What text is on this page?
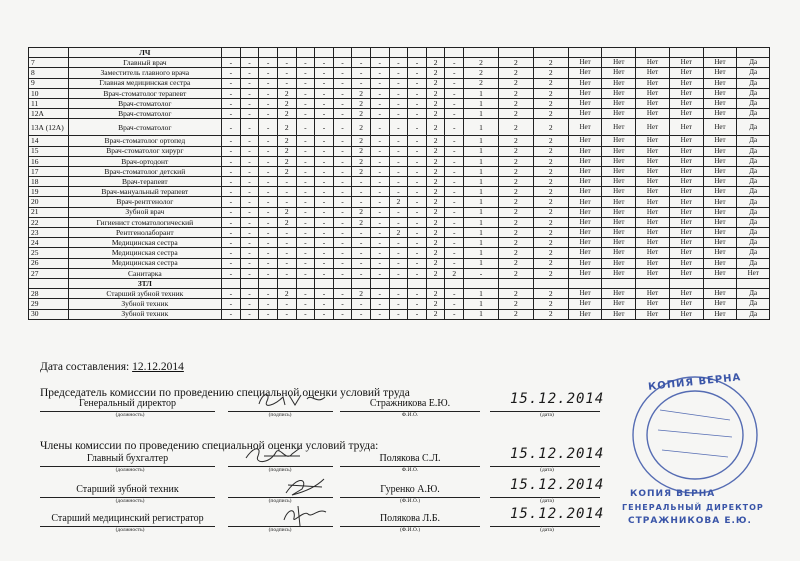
	ЛЧ																						
7	Главный врач	-	-	-	-	-	-	-	-	-	-	-	2	-	2	2	2	Нет	Нет	Нет	Нет	Нет	Да
8	Заместитель главного врача	-	-	-	-	-	-	-	-	-	-	-	2	-	2	2	2	Нет	Нет	Нет	Нет	Нет	Да
9	Главная медицинская сестра	-	-	-	-	-	-	-	-	-	-	-	2	-	2	2	2	Нет	Нет	Нет	Нет	Нет	Да
10	Врач-стоматолог терапевт	-	-	-	2	-	-	-	2	-	-	-	2	-	1	2	2	Нет	Нет	Нет	Нет	Нет	Да
11	Врач-стоматолог	-	-	-	2	-	-	-	2	-	-	-	2	-	1	2	2	Нет	Нет	Нет	Нет	Нет	Да
12А	Врач-стоматолог	-	-	-	2	-	-	-	2	-	-	-	2	-	1	2	2	Нет	Нет	Нет	Нет	Нет	Да
13А (12А)	Врач-стоматолог	-	-	-	2	-	-	-	2	-	-	-	2	-	1	2	2	Нет	Нет	Нет	Нет	Нет	Да
14	Врач-стоматолог ортопед	-	-	-	2	-	-	-	2	-	-	-	2	-	1	2	2	Нет	Нет	Нет	Нет	Нет	Да
15	Врач-стоматолог хирург	-	-	-	2	-	-	-	2	-	-	-	2	-	1	2	2	Нет	Нет	Нет	Нет	Нет	Да
16	Врач-ортодонт	-	-	-	2	-	-	-	2	-	-	-	2	-	1	2	2	Нет	Нет	Нет	Нет	Нет	Да
17	Врач-стоматолог детский	-	-	-	2	-	-	-	2	-	-	-	2	-	1	2	2	Нет	Нет	Нет	Нет	Нет	Да
18	Врач-терапевт	-	-	-	-	-	-	-	-	-	-	-	2	-	1	2	2	Нет	Нет	Нет	Нет	Нет	Да
19	Врач-мануальный терапевт	-	-	-	-	-	-	-	-	-	-	-	2	-	1	2	2	Нет	Нет	Нет	Нет	Нет	Да
20	Врач-рентгенолог	-	-	-	-	-	-	-	-	-	2	-	2	-	1	2	2	Нет	Нет	Нет	Нет	Нет	Да
21	Зубной врач	-	-	-	2	-	-	-	2	-	-	-	2	-	1	2	2	Нет	Нет	Нет	Нет	Нет	Да
22	Гигиенист стоматологический	-	-	-	2	-	-	-	2	-	-	-	2	-	1	2	2	Нет	Нет	Нет	Нет	Нет	Да
23	Рентгенолаборант	-	-	-	-	-	-	-	-	-	2	-	2	-	1	2	2	Нет	Нет	Нет	Нет	Нет	Да
24	Медицинская сестра	-	-	-	-	-	-	-	-	-	-	-	2	-	1	2	2	Нет	Нет	Нет	Нет	Нет	Да
25	Медицинская сестра	-	-	-	-	-	-	-	-	-	-	-	2	-	1	2	2	Нет	Нет	Нет	Нет	Нет	Да
26	Медицинская сестра	-	-	-	-	-	-	-	-	-	-	-	2	-	1	2	2	Нет	Нет	Нет	Нет	Нет	Да
27	Санитарка	-	-	-	-	-	-	-	-	-	-	-	2	2	-	2	2	Нет	Нет	Нет	Нет	Нет	Нет
	ЗТЛ																						
28	Старший зубной техник	-	-	-	2	-	-	-	2	-	-	-	2	-	1	2	2	Нет	Нет	Нет	Нет	Нет	Да
29	Зубной техник	-	-	-	-	-	-	-	-	-	-	-	2	-	1	2	2	Нет	Нет	Нет	Нет	Нет	Да
30	Зубной техник	-	-	-	-	-	-	-	-	-	-	-	2	-	1	2	2	Нет	Нет	Нет	Нет	Нет	Да
Дата составления: 12.12.2014
Председатель комиссии по проведению специальной оценки условий труда
Генеральный директор
(должность)	(подпись)
Стражникова Е.Ю.
Ф.И.О.
15.12.2014
(дата)
Члены комиссии по проведению специальной оценки условий труда:
Главный бухгалтер
(должность)	(подпись)
Полякова С.Л.
Ф.И.О.
15.12.2014
(дата)
Старший зубной техник
(должность)	(подпись)
Гуренко А.Ю.
(Ф.И.О.)
15.12.2014
(дата)
Старший медицинский регистратор
(должность)	(подпись)
Полякова Л.Б.
(Ф.И.О.)
15.12.2014
(дата)
КОПИЯ ВЕРНА
КОПИЯ ВЕРНА
ГЕНЕРАЛЬНЫЙ ДИРЕКТОР
СТРАЖНИКОВА Е.Ю.
